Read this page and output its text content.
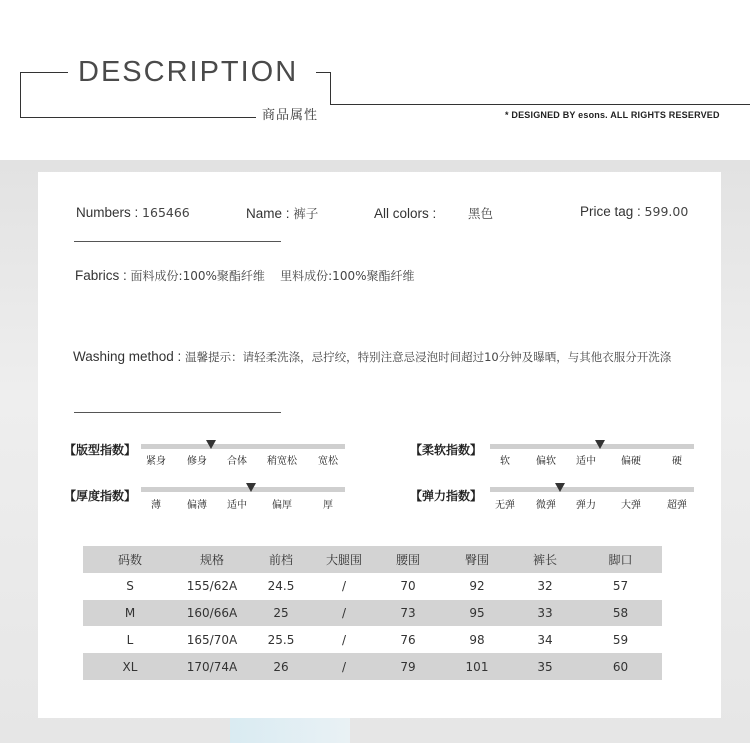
DESCRIPTION
商品属性	* DESIGNED BY esons. ALL RIGHTS RESERVED
Numbers : 165466	Name : 裤子	All colors :	黑色	Price tag : 599.00
Fabrics : 面料成份:100%聚酯纤维    里料成份:100%聚酯纤维
Washing method : 温馨提示：请轻柔洗涤，忌拧绞，特别注意忌浸泡时间超过10分钟及曝晒，与其他衣服分开洗涤
【版型指数】
紧身 修身 合体 稍宽松 宽松
【柔软指数】
软	偏软 适中	偏硬	硬
【厚度指数】
薄	偏薄 适中	偏厚	厚
【弹力指数】
无弹 微弹 弹力	大弹	超弹
码数	规格	前档	大腿围	腰围	臀围	裤长	脚口
S	155/62A	24.5	/	70	92	32	57
M	160/66A	25	/	73	95	33	58
L	165/70A	25.5	/	76	98	34	59
XL	170/74A	26	/	79	101	35	60
